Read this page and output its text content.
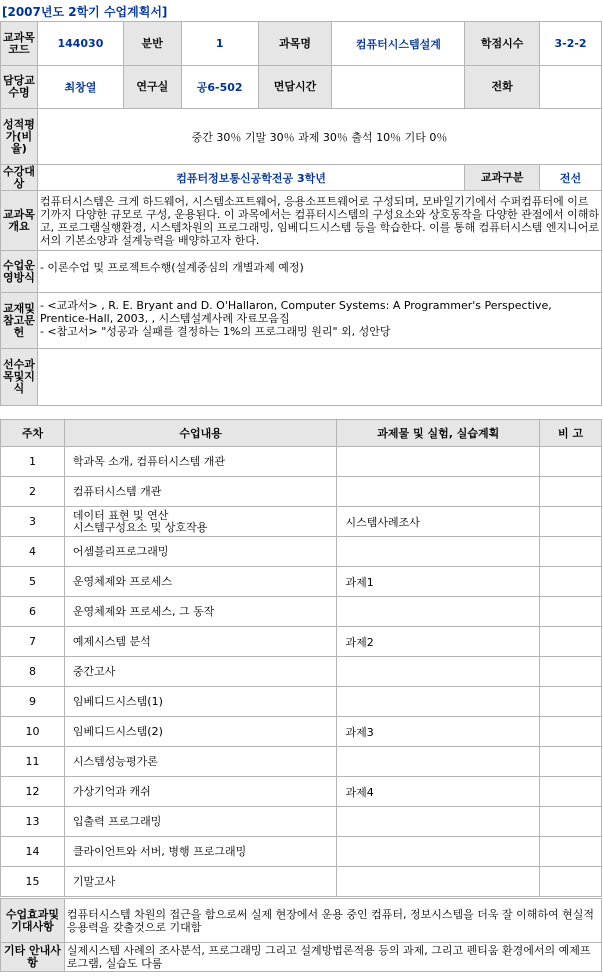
[2007년도 2학기 수업계획서]
교과목코드	144030	분반	1	과목명	컴퓨터시스템설계	학점시수	3-2-2
담당교수명	최창열	연구실	공6-502	면담시간		전화	
성적평가(비율)	중간 30％ 기말 30％ 과제 30％ 출석 10％ 기타 0％						
수강대상	컴퓨터정보통신공학전공 3학년					교과구분	전선
교과목개요	컴퓨터시스템은 크게 하드웨어, 시스템소프트웨어, 응용소프트웨어로 구성되며, 모바일기기에서 수퍼컴퓨터에 이르기까지 다양한 규모로 구성, 운용된다. 이 과목에서는 컴퓨터시스템의 구성요소와 상호동작을 다양한 관점에서 이해하고, 프로그램실행환경, 시스템차원의 프로그래밍, 임베디드시스템 등을 학습한다. 이를 통해 컴퓨터시스템 엔지니어로서의 기본소양과 설계능력을 배양하고자 한다.						
수업운영방식	- 이론수업 및 프로젝트수행(설계중심의 개별과제 예정)						
교재및참고문헌	- <교과서> , R. E. Bryant and D. O'Hallaron, Computer Systems: A Programmer's Perspective, Prentice-Hall, 2003, , 시스템설계사례 자료모음집
- <참고서> "성공과 실패를 결정하는 1%의 프로그래밍 원리" 외, 성안당						

선수과목및지식							
주차	수업내용	과제물 및 실험, 실습계획	비 고
1	학과목 소개, 컴퓨터시스템 개관		
2	컴퓨터시스템 개관		
3	데이터 표현 및 연산
시스템구성요소 및 상호작용	시스템사례조사	
4	어셈블리프로그래밍		
5	운영체제와 프로세스	과제1	
6	운영체제와 프로세스, 그 동작		
7	예제시스템 분석	과제2	
8	중간고사		
9	임베디드시스템(1)		
10	임베디드시스템(2)	과제3	
11	시스템성능평가론		
12	가상기억과 캐쉬	과제4	
13	입출력 프로그래밍		
14	클라이언트와 서버, 병행 프로그래밍		
15	기말고사		
수업효과및기대사항	컴퓨터시스템 차원의 접근을 함으로써 실제 현장에서 운용 중인 컴퓨터, 정보시스템을 더욱 잘 이해하여 현실적 응용력을 갖출것으로 기대함
기타 안내사항	실제시스템 사례의 조사분석, 프로그래밍 그리고 설계방법론적용 등의 과제, 그리고 펜티움 환경에서의 예제프로그램, 실습도 다룸
